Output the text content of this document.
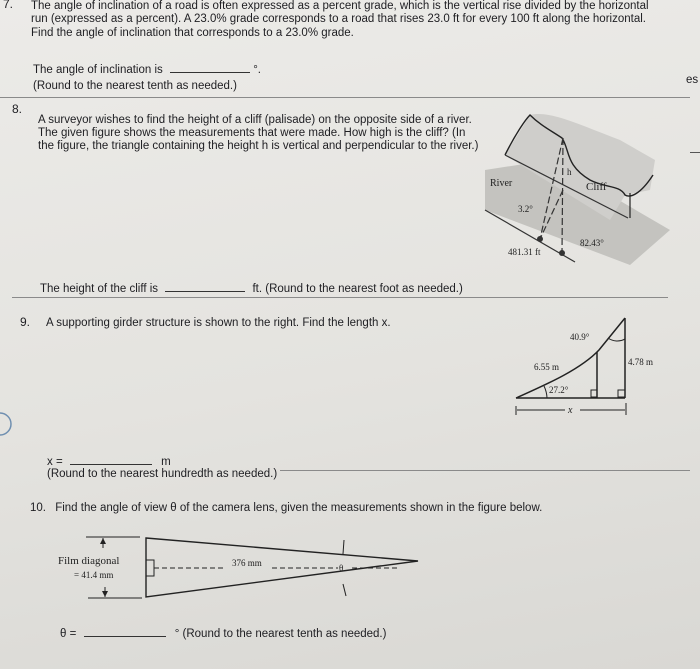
7. The angle of inclination of a road is often expressed as a percent grade, which is the vertical rise divided by the horizontal
run (expressed as a percent). A 23.0% grade corresponds to a road that rises 23.0 ft for every 100 ft along the horizontal.
Find the angle of inclination that corresponds to a 23.0% grade.
The angle of inclination is	°.
(Round to the nearest tenth as needed.)	es
8.
A surveyor wishes to find the height of a cliff (palisade) on the opposite side of a river.
The given figure shows the measurements that were made. How high is the cliff? (In
the figure, the triangle containing the height h is vertical and perpendicular to the river.)
River	Cliff
h
3.2°
82.43°
481.31 ft
The height of the cliff is	ft. (Round to the nearest foot as needed.)
9. A supporting girder structure is shown to the right. Find the length x.
40.9°
6.55 m	4.78 m
27.2°
x
x =	m
(Round to the nearest hundredth as needed.)
10. Find the angle of view θ of the camera lens, given the measurements shown in the figure below.
Film diagonal
= 41.4 mm
376 mm	θ
θ =	° (Round to the nearest tenth as needed.)
